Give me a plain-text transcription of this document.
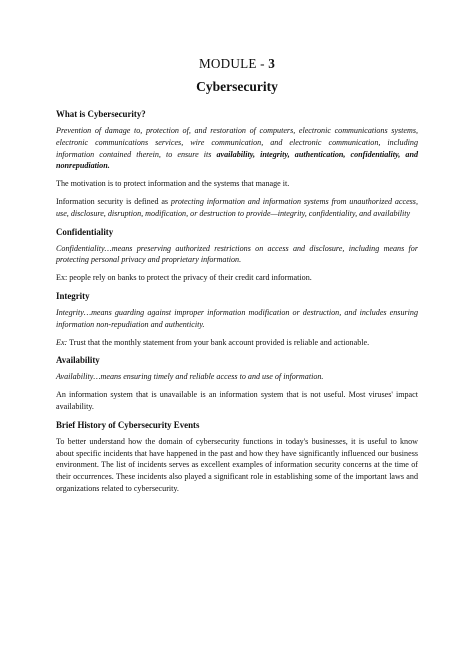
MODULE - 3
Cybersecurity
What is Cybersecurity?

Prevention of damage to, protection of, and restoration of computers, electronic communications systems, electronic communications services, wire communication, and electronic communication, including information contained therein, to ensure its availability, integrity, authentication, confidentiality, and nonrepudiation.

The motivation is to protect information and the systems that manage it.

Information security is defined as protecting information and information systems from unauthorized access, use, disclosure, disruption, modification, or destruction to provide—integrity, confidentiality, and availability

Confidentiality

Confidentiality…means preserving authorized restrictions on access and disclosure, including means for protecting personal privacy and proprietary information.

Ex: people rely on banks to protect the privacy of their credit card information.

Integrity

Integrity…means guarding against improper information modification or destruction, and includes ensuring information non-repudiation and authenticity.

Ex: Trust that the monthly statement from your bank account provided is reliable and actionable.

Availability

Availability…means ensuring timely and reliable access to and use of information.

An information system that is unavailable is an information system that is not useful. Most viruses' impact availability.

Brief History of Cybersecurity Events

To better understand how the domain of cybersecurity functions in today's businesses, it is useful to know about specific incidents that have happened in the past and how they have significantly influenced our business environment. The list of incidents serves as excellent examples of information security concerns at the time of their occurrences. These incidents also played a significant role in establishing some of the important laws and organizations related to cybersecurity.
